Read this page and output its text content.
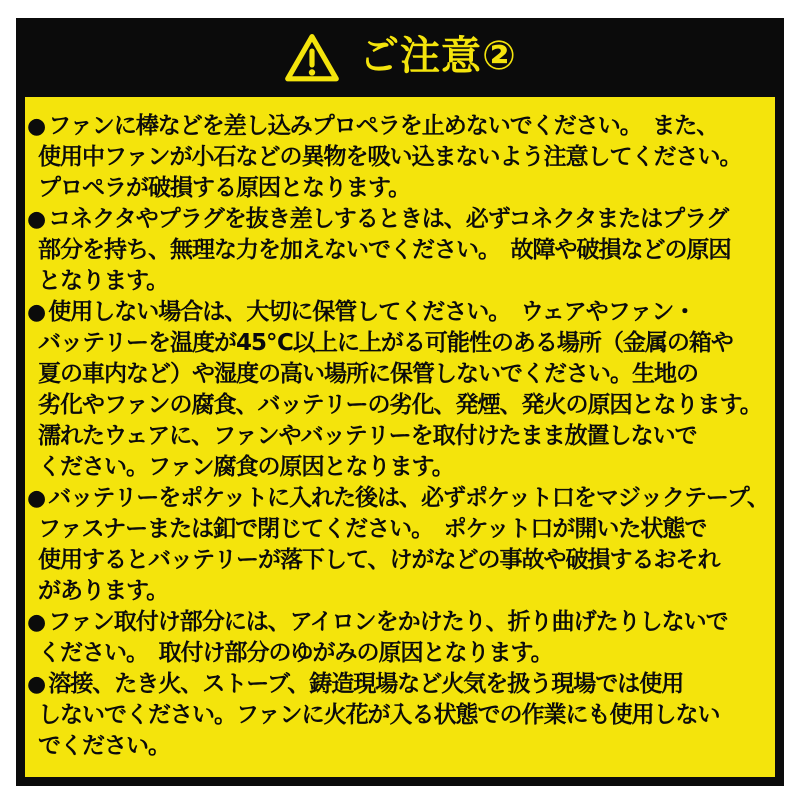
ご注意②
● ファンに棒などを差し込みプロペラを止めないでください。　また、
使用中ファンが小石などの異物を吸い込まないよう注意してください。
プロペラが破損する原因となります。
● コネクタやプラグを抜き差しするときは、必ずコネクタまたはプラグ
部分を持ち、無理な力を加えないでください。　故障や破損などの原因
となります。
● 使用しない場合は、大切に保管してください。　ウェアやファン・
バッテリーを温度が45℃以上に上がる可能性のある場所（金属の箱や
夏の車内など）や湿度の高い場所に保管しないでください。生地の
劣化やファンの腐食、バッテリーの劣化、発煙、発火の原因となります。
濡れたウェアに、ファンやバッテリーを取付けたまま放置しないで
ください。ファン腐食の原因となります。
● バッテリーをポケットに入れた後は、必ずポケット口をマジックテープ、
ファスナーまたは釦で閉じてください。　ポケット口が開いた状態で
使用するとバッテリーが落下して、けがなどの事故や破損するおそれ
があります。
● ファン取付け部分には、アイロンをかけたり、折り曲げたりしないで
ください。　取付け部分のゆがみの原因となります。
● 溶接、たき火、ストーブ、鋳造現場など火気を扱う現場では使用
しないでください。ファンに火花が入る状態での作業にも使用しない
でください。
